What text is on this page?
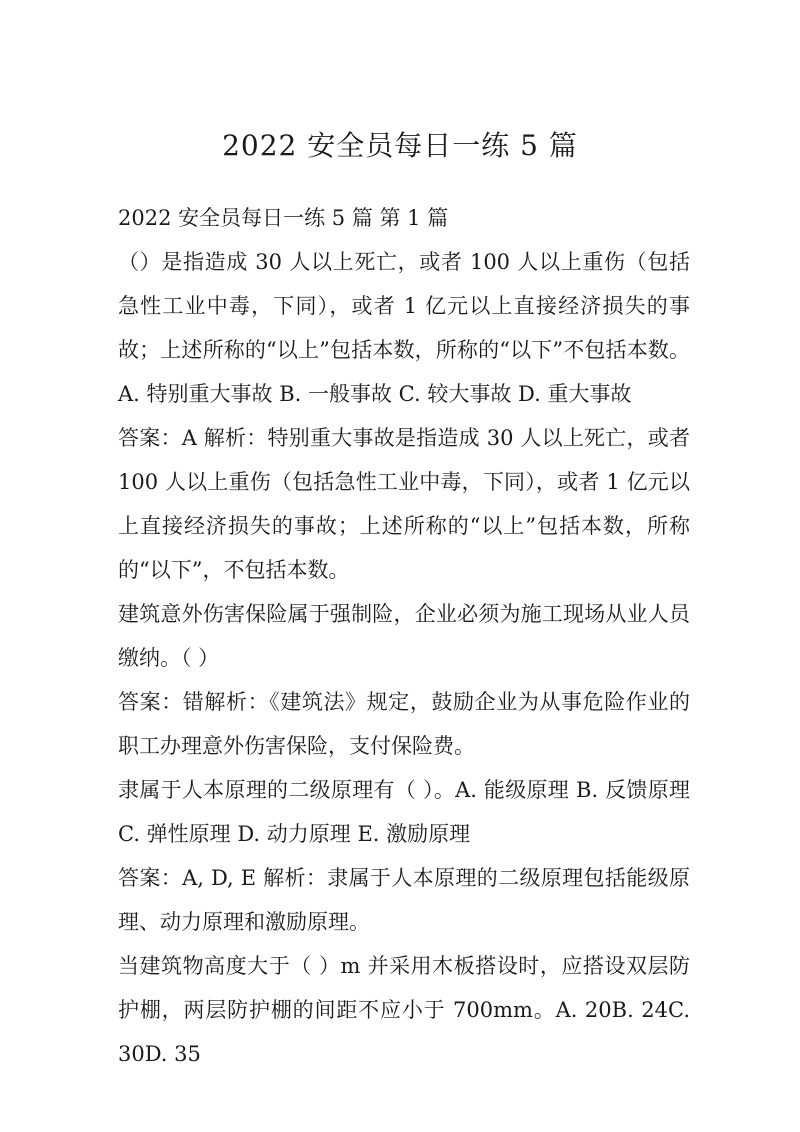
2022 安全员每日一练 5 篇

2022 安全员每日一练 5 篇 第 1 篇

（）是指造成 30 人以上死亡，或者 100 人以上重伤（包括急性工业中毒，下同），或者 1 亿元以上直接经济损失的事故；上述所称的“以上”包括本数，所称的“以下”不包括本数。A. 特别重大事故 B. 一般事故 C. 较大事故 D. 重大事故

答案：A 解析：特别重大事故是指造成 30 人以上死亡，或者 100 人以上重伤（包括急性工业中毒，下同），或者 1 亿元以上直接经济损失的事故；上述所称的“以上”包括本数，所称的“以下”，不包括本数。

建筑意外伤害保险属于强制险，企业必须为施工现场从业人员缴纳。（ ）

答案：错解析：《建筑法》规定，鼓励企业为从事危险作业的职工办理意外伤害保险，支付保险费。

隶属于人本原理的二级原理有（ ）。A. 能级原理 B. 反馈原理 C. 弹性原理 D. 动力原理 E. 激励原理

答案：A, D, E 解析：隶属于人本原理的二级原理包括能级原理、动力原理和激励原理。

当建筑物高度大于（ ）m 并采用木板搭设时，应搭设双层防护棚，两层防护棚的间距不应小于 700mm。A. 20B. 24C. 30D. 35
